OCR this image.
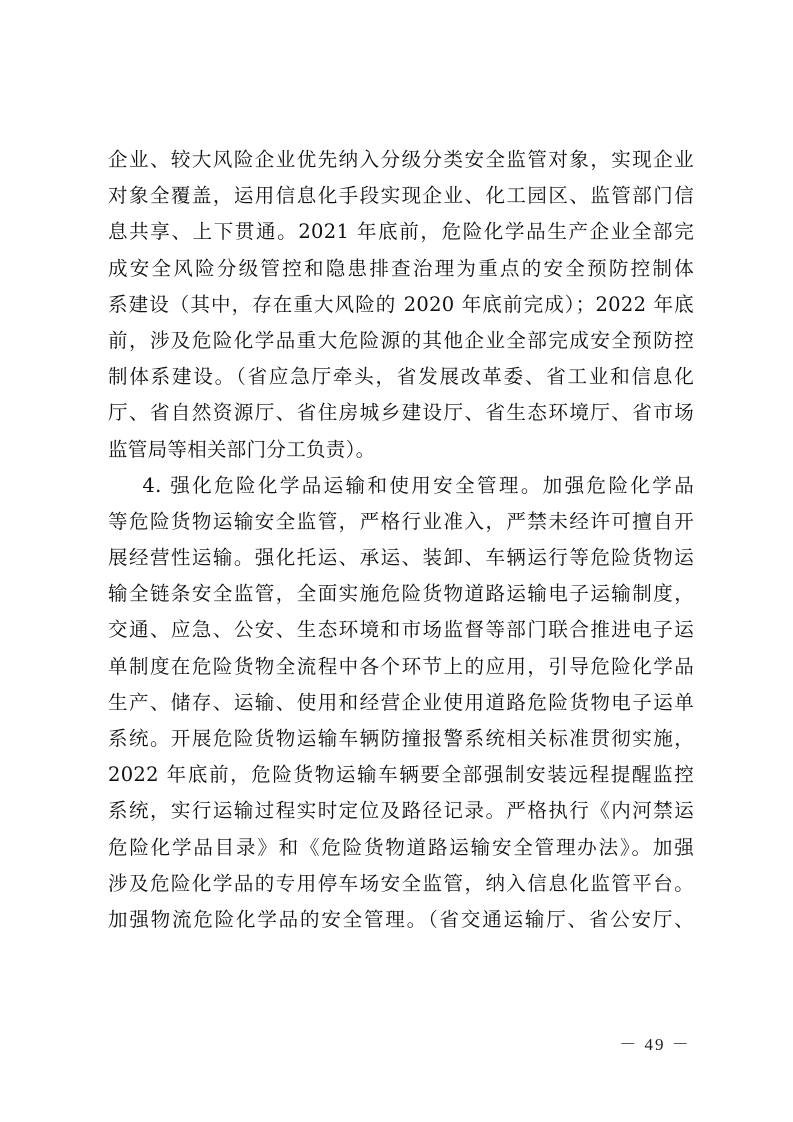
企业、较大风险企业优先纳入分级分类安全监管对象，实现企业
对象全覆盖，运用信息化手段实现企业、化工园区、监管部门信
息共享、上下贯通。2021 年底前，危险化学品生产企业全部完
成安全风险分级管控和隐患排查治理为重点的安全预防控制体
系建设（其中，存在重大风险的 2020 年底前完成）；2022 年底
前，涉及危险化学品重大危险源的其他企业全部完成安全预防控
制体系建设。（省应急厅牵头，省发展改革委、省工业和信息化
厅、省自然资源厅、省住房城乡建设厅、省生态环境厅、省市场
监管局等相关部门分工负责）。
4. 强化危险化学品运输和使用安全管理。加强危险化学品
等危险货物运输安全监管，严格行业准入，严禁未经许可擅自开
展经营性运输。强化托运、承运、装卸、车辆运行等危险货物运
输全链条安全监管，全面实施危险货物道路运输电子运输制度，
交通、应急、公安、生态环境和市场监督等部门联合推进电子运
单制度在危险货物全流程中各个环节上的应用，引导危险化学品
生产、储存、运输、使用和经营企业使用道路危险货物电子运单
系统。开展危险货物运输车辆防撞报警系统相关标准贯彻实施，
2022 年底前，危险货物运输车辆要全部强制安装远程提醒监控
系统，实行运输过程实时定位及路径记录。严格执行《内河禁运
危险化学品目录》和《危险货物道路运输安全管理办法》。加强
涉及危险化学品的专用停车场安全监管，纳入信息化监管平台。
加强物流危险化学品的安全管理。（省交通运输厅、省公安厅、
－ 49 －
